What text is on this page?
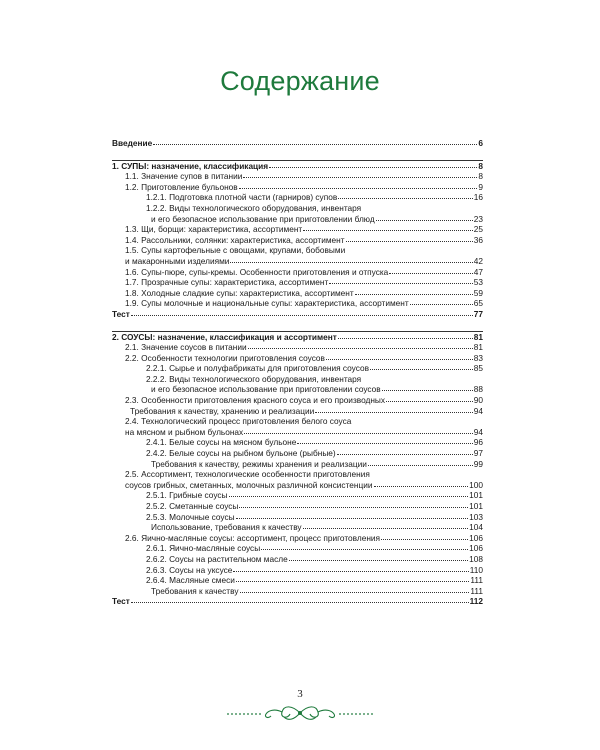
Содержание
Введение	6
1. СУПЫ: назначение, классификация	8
1.1. Значение супов в питании	8
1.2. Приготовление бульонов	9
1.2.1. Подготовка плотной части (гарниров) супов	16
1.2.2. Виды технологического оборудования, инвентаря
и его безопасное использование при приготовлении блюд	23
1.3. Щи, борщи: характеристика, ассортимент	25
1.4. Рассольники, солянки: характеристика, ассортимент	36
1.5. Супы картофельные с овощами, крупами, бобовыми
и макаронными изделиями	42
1.6. Супы-пюре, супы-кремы. Особенности приготовления и отпуска	47
1.7. Прозрачные супы: характеристика, ассортимент	53
1.8. Холодные сладкие супы: характеристика, ассортимент	59
1.9. Супы молочные и национальные супы: характеристика, ассортимент	65
Тест	77
2. СОУСЫ: назначение, классификация и ассортимент	81
2.1. Значение соусов в питании	81
2.2. Особенности технологии приготовления соусов	83
2.2.1. Сырье и полуфабрикаты для приготовления соусов	85
2.2.2. Виды технологического оборудования, инвентаря
и его безопасное использование при приготовлении соусов	88
2.3. Особенности приготовления красного соуса и его производных	90
Требования к качеству, хранению и реализации	94
2.4. Технологический процесс приготовления белого соуса
на мясном и рыбном бульонах	94
2.4.1. Белые соусы на мясном бульоне	96
2.4.2. Белые соусы на рыбном бульоне (рыбные)	97
Требования к качеству, режимы хранения и реализации	99
2.5. Ассортимент, технологические особенности приготовления
соусов грибных, сметанных, молочных различной консистенции	100
2.5.1. Грибные соусы	101
2.5.2. Сметанные соусы	101
2.5.3. Молочные соусы	103
Использование, требования к качеству	104
2.6. Яично-масляные соусы: ассортимент, процесс приготовления	106
2.6.1. Яично-масляные соусы	106
2.6.2. Соусы на растительном масле	108
2.6.3. Соусы на уксусе	110
2.6.4. Масляные смеси	111
Требования к качеству	111
Тест	112
3
